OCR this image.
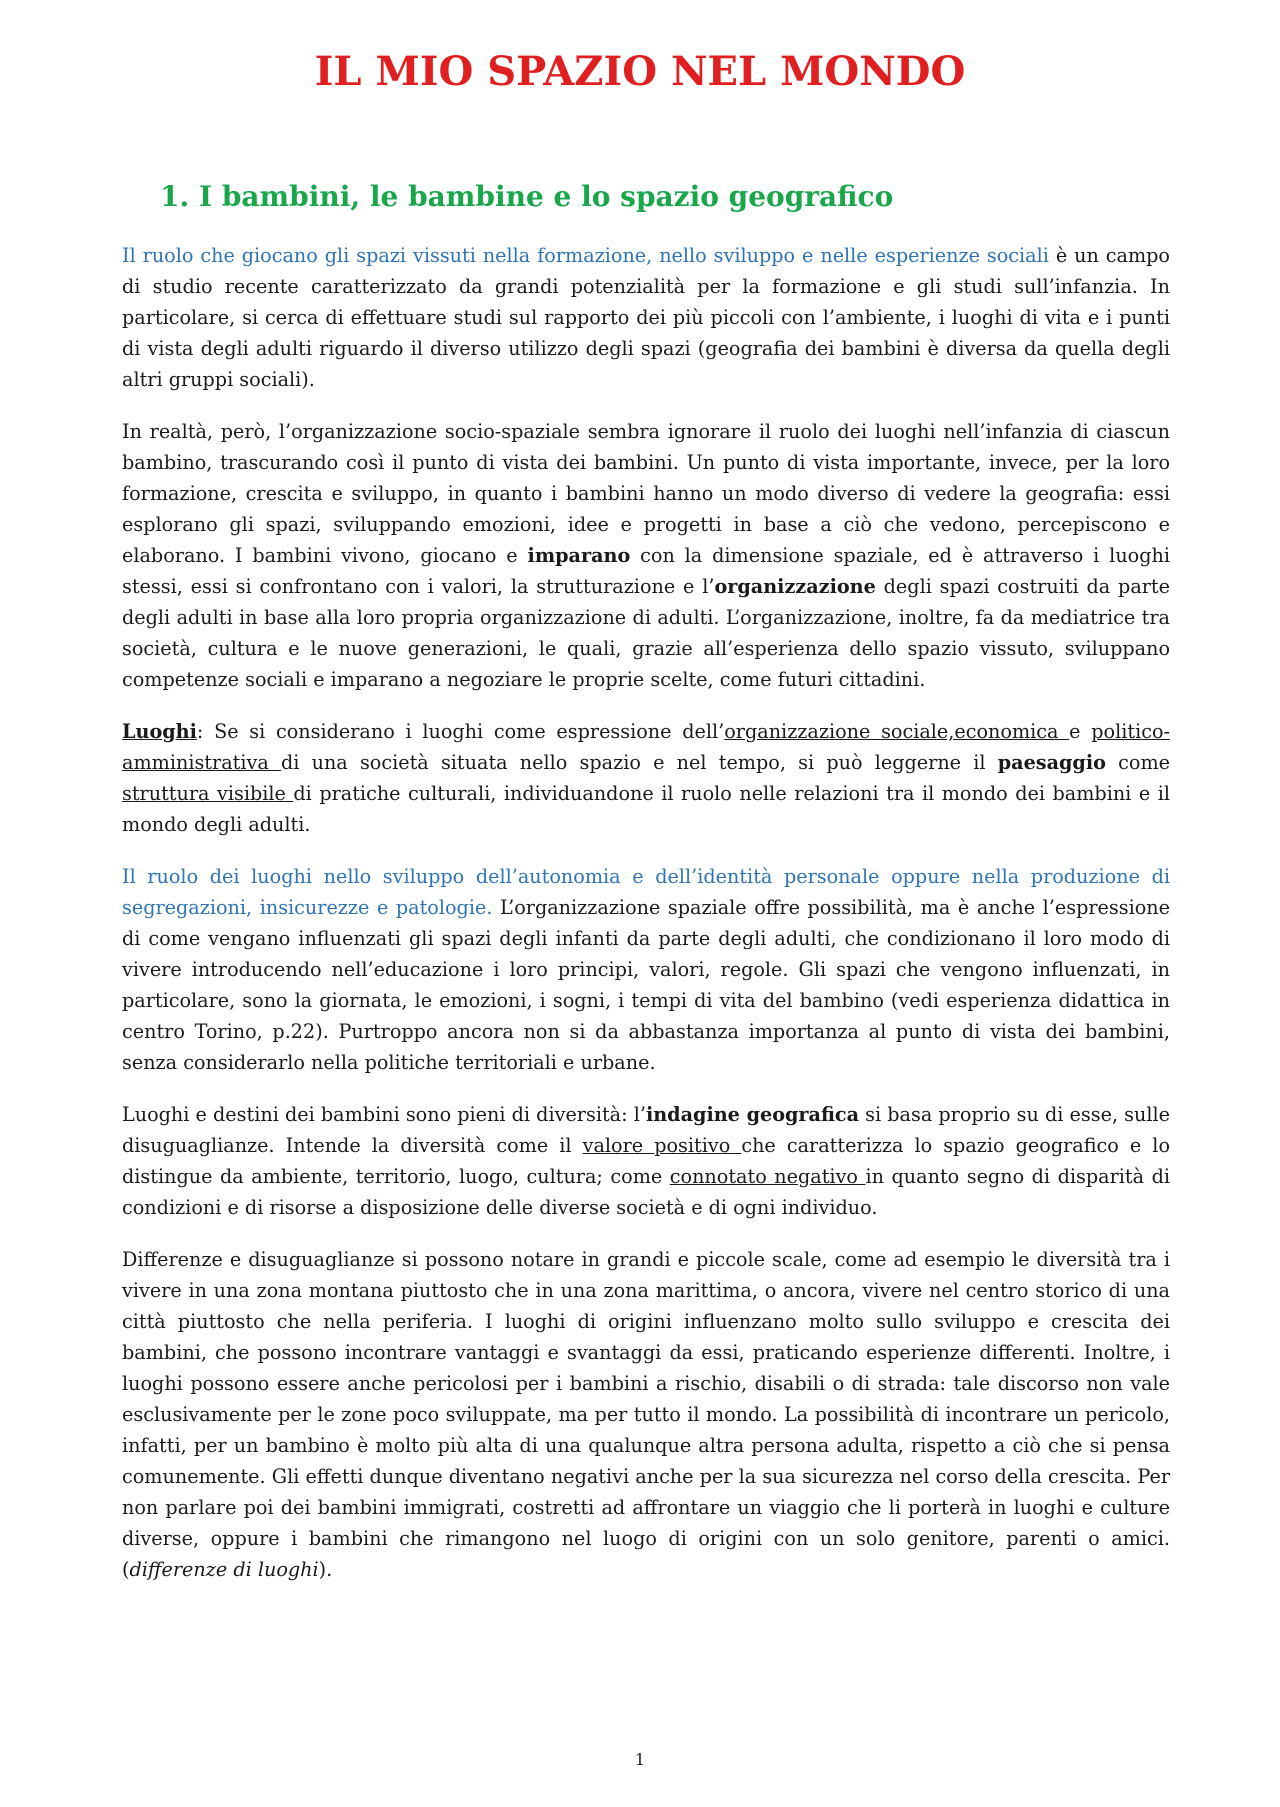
IL MIO SPAZIO NEL MONDO
1. I bambini, le bambine e lo spazio geografico

Il ruolo che giocano gli spazi vissuti nella formazione, nello sviluppo e nelle esperienze sociali è un campo di studio recente caratterizzato da grandi potenzialità per la formazione e gli studi sull’infanzia. In particolare, si cerca di effettuare studi sul rapporto dei più piccoli con l’ambiente, i luoghi di vita e i punti di vista degli adulti riguardo il diverso utilizzo degli spazi (geografia dei bambini è diversa da quella degli altri gruppi sociali).

In realtà, però, l’organizzazione socio-spaziale sembra ignorare il ruolo dei luoghi nell’infanzia di ciascun bambino, trascurando così il punto di vista dei bambini. Un punto di vista importante, invece, per la loro formazione, crescita e sviluppo, in quanto i bambini hanno un modo diverso di vedere la geografia: essi esplorano gli spazi, sviluppando emozioni, idee e progetti in base a ciò che vedono, percepiscono e elaborano. I bambini vivono, giocano e imparano con la dimensione spaziale, ed è attraverso i luoghi stessi, essi si confrontano con i valori, la strutturazione e l’organizzazione degli spazi costruiti da parte degli adulti in base alla loro propria organizzazione di adulti. L’organizzazione, inoltre, fa da mediatrice tra società, cultura e le nuove generazioni, le quali, grazie all’esperienza dello spazio vissuto, sviluppano competenze sociali e imparano a negoziare le proprie scelte, come futuri cittadini.

Luoghi: Se si considerano i luoghi come espressione dell’organizzazione sociale,economica e politico-amministrativa di una società situata nello spazio e nel tempo, si può leggerne il paesaggio come struttura visibile di pratiche culturali, individuandone il ruolo nelle relazioni tra il mondo dei bambini e il mondo degli adulti.

Il ruolo dei luoghi nello sviluppo dell’autonomia e dell’identità personale oppure nella produzione di segregazioni, insicurezze e patologie. L’organizzazione spaziale offre possibilità, ma è anche l’espressione di come vengano influenzati gli spazi degli infanti da parte degli adulti, che condizionano il loro modo di vivere introducendo nell’educazione i loro principi, valori, regole. Gli spazi che vengono influenzati, in particolare, sono la giornata, le emozioni, i sogni, i tempi di vita del bambino (vedi esperienza didattica in centro Torino, p.22). Purtroppo ancora non si da abbastanza importanza al punto di vista dei bambini, senza considerarlo nella politiche territoriali e urbane.

Luoghi e destini dei bambini sono pieni di diversità: l’indagine geografica si basa proprio su di esse, sulle disuguaglianze. Intende la diversità come il valore positivo che caratterizza lo spazio geografico e lo distingue da ambiente, territorio, luogo, cultura; come connotato negativo in quanto segno di disparità di condizioni e di risorse a disposizione delle diverse società e di ogni individuo.

Differenze e disuguaglianze si possono notare in grandi e piccole scale, come ad esempio le diversità tra i vivere in una zona montana piuttosto che in una zona marittima, o ancora, vivere nel centro storico di una città piuttosto che nella periferia. I luoghi di origini influenzano molto sullo sviluppo e crescita dei bambini, che possono incontrare vantaggi e svantaggi da essi, praticando esperienze differenti. Inoltre, i luoghi possono essere anche pericolosi per i bambini a rischio, disabili o di strada: tale discorso non vale esclusivamente per le zone poco sviluppate, ma per tutto il mondo. La possibilità di incontrare un pericolo, infatti, per un bambino è molto più alta di una qualunque altra persona adulta, rispetto a ciò che si pensa comunemente. Gli effetti dunque diventano negativi anche per la sua sicurezza nel corso della crescita. Per non parlare poi dei bambini immigrati, costretti ad affrontare un viaggio che li porterà in luoghi e culture diverse, oppure i bambini che rimangono nel luogo di origini con un solo genitore, parenti o amici. (differenze di luoghi).

1
